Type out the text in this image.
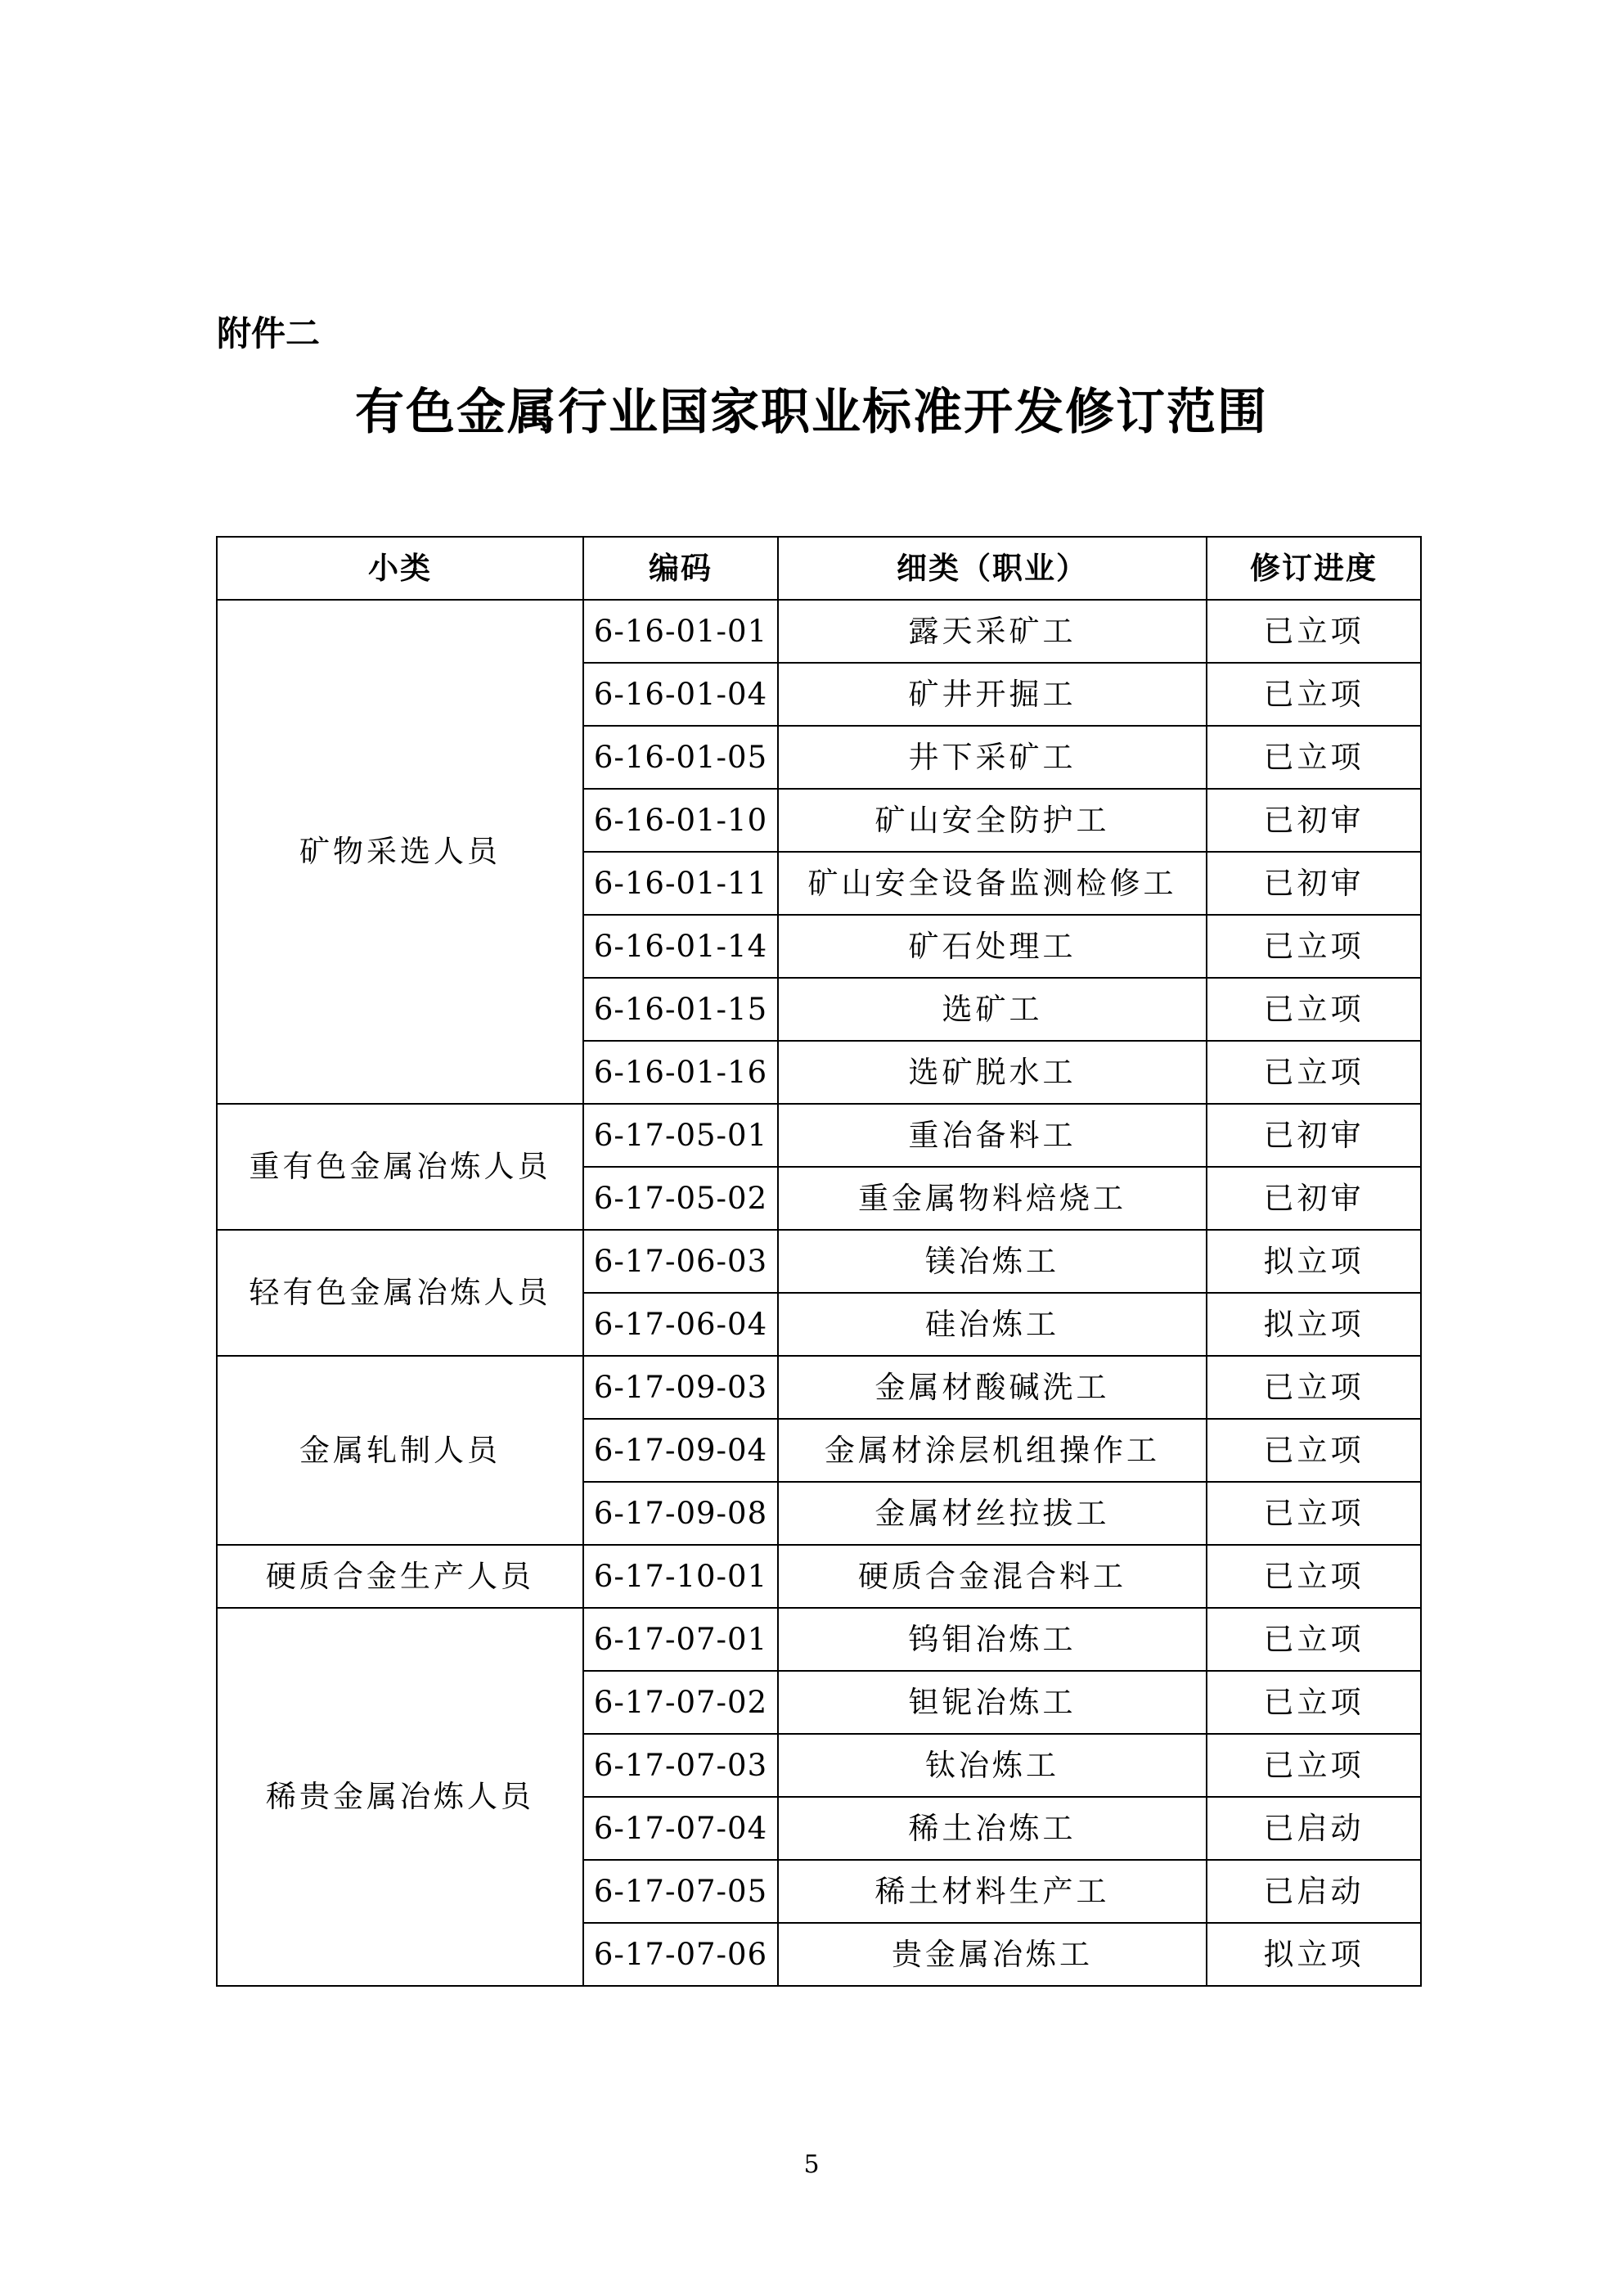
附件二
有色金属行业国家职业标准开发修订范围
小类	编码	细类（职业）	修订进度
矿物采选人员	6-16-01-01	露天采矿工	已立项
	6-16-01-04	矿井开掘工	已立项
	6-16-01-05	井下采矿工	已立项
	6-16-01-10	矿山安全防护工	已初审
	6-16-01-11	矿山安全设备监测检修工	已初审
	6-16-01-14	矿石处理工	已立项
	6-16-01-15	选矿工	已立项
	6-16-01-16	选矿脱水工	已立项
重有色金属冶炼人员	6-17-05-01	重冶备料工	已初审
	6-17-05-02	重金属物料焙烧工	已初审
轻有色金属冶炼人员	6-17-06-03	镁冶炼工	拟立项
	6-17-06-04	硅冶炼工	拟立项
金属轧制人员	6-17-09-03	金属材酸碱洗工	已立项
	6-17-09-04	金属材涂层机组操作工	已立项
	6-17-09-08	金属材丝拉拔工	已立项
硬质合金生产人员	6-17-10-01	硬质合金混合料工	已立项
稀贵金属冶炼人员	6-17-07-01	钨钼冶炼工	已立项
	6-17-07-02	钽铌冶炼工	已立项
	6-17-07-03	钛冶炼工	已立项
	6-17-07-04	稀土冶炼工	已启动
	6-17-07-05	稀土材料生产工	已启动
	6-17-07-06	贵金属冶炼工	拟立项
5
